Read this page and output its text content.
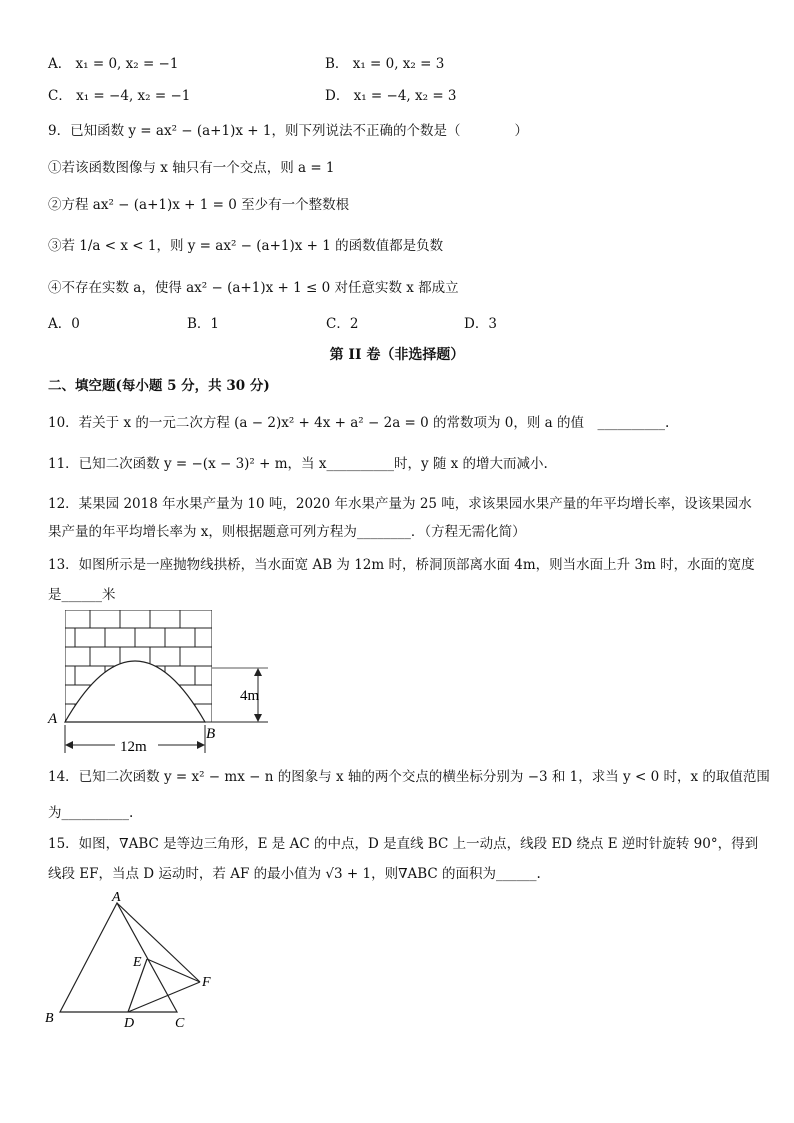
A． x₁ = 0, x₂ = −1	B． x₁ = 0, x₂ = 3
C． x₁ = −4, x₂ = −1	D． x₁ = −4, x₂ = 3
9．已知函数 y = ax² − (a+1)x + 1，则下列说法不正确的个数是（　　　　）
①若该函数图像与 x 轴只有一个交点，则 a = 1
②方程 ax² − (a+1)x + 1 = 0 至少有一个整数根
③若 1/a < x < 1，则 y = ax² − (a+1)x + 1 的函数值都是负数
④不存在实数 a，使得 ax² − (a+1)x + 1 ≤ 0 对任意实数 x 都成立
A．0	B．1	C．2	D．3
第 II 卷（非选择题）
二、填空题(每小题 5 分，共 30 分)
10．若关于 x 的一元二次方程 (a − 2)x² + 4x + a² − 2a = 0 的常数项为 0，则 a 的值　__________.
11．已知二次函数 y = −(x − 3)² + m，当 x__________时，y 随 x 的增大而减小.
12．某果园 2018 年水果产量为 10 吨，2020 年水果产量为 25 吨，求该果园水果产量的年平均增长率，设该果园水
果产量的年平均增长率为 x，则根据题意可列方程为________．（方程无需化简）
13．如图所示是一座抛物线拱桥，当水面宽 AB 为 12m 时，桥洞顶部离水面 4m，则当水面上升 3m 时，水面的宽度
是______米
4m
12m
A
B
14．已知二次函数 y = x² − mx − n 的图象与 x 轴的两个交点的横坐标分别为 −3 和 1，求当 y < 0 时，x 的取值范围
为__________.
15．如图，∇ABC 是等边三角形，E 是 AC 的中点，D 是直线 BC 上一动点，线段 ED 绕点 E 逆时针旋转 90°，得到
线段 EF，当点 D 运动时，若 AF 的最小值为 √3 + 1，则∇ABC 的面积为______.
A
B	C
D
E
F
